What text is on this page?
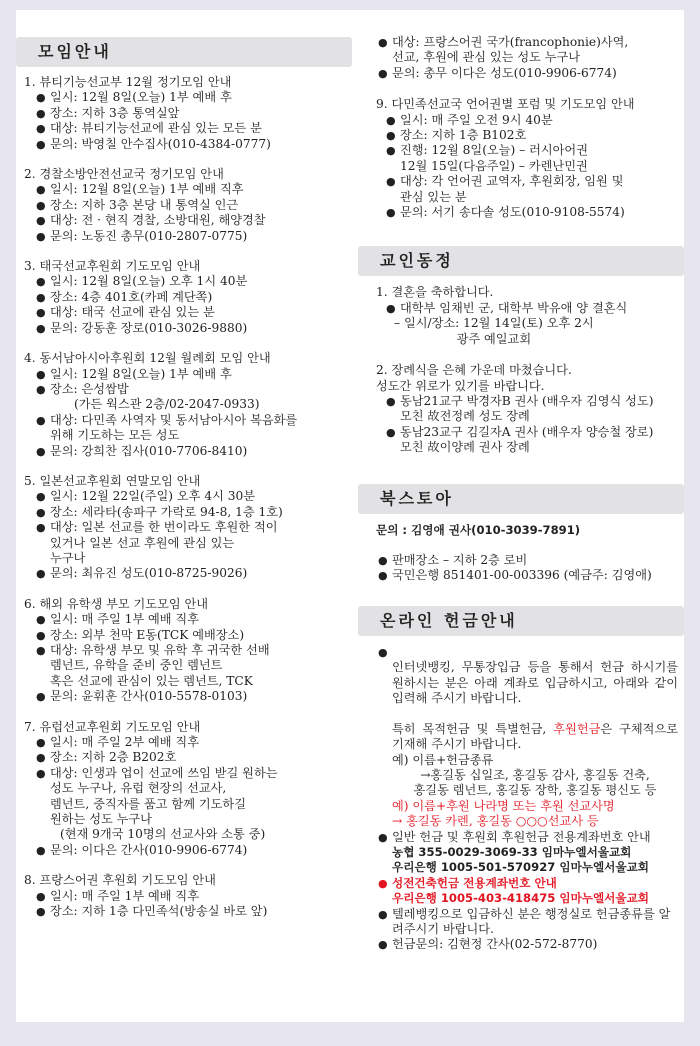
모임안내
1. 뷰티기능선교부 12월 정기모임 안내
● 일시: 12월 8일(오늘) 1부 예배 후
● 장소: 지하 3층 통역실앞
● 대상: 뷰티기능선교에 관심 있는 모든 분
● 문의: 박영칠 안수집사(010-4384-0777)
2. 경찰소방안전선교국 정기모임 안내
● 일시: 12월 8일(오늘) 1부 예배 직후
● 장소: 지하 3층 본당 내 통역실 인근
● 대상: 전 · 현직 경찰, 소방대원, 해양경찰
● 문의: 노동진 총무(010-2807-0775)
3. 태국선교후원회 기도모임 안내
● 일시: 12월 8일(오늘) 오후 1시 40분
● 장소: 4층 401호(카페 계단쪽)
● 대상: 태국 선교에 관심 있는 분
● 문의: 강동훈 장로(010-3026-9880)
4. 동서남아시아후원회 12월 월례회 모임 안내
● 일시: 12월 8일(오늘) 1부 예배 후
● 장소: 은성쌈밥
(가든 웍스관 2층/02-2047-0933)
● 대상: 다민족 사역자 및 동서남아시아 복음화를
위해 기도하는 모든 성도
● 문의: 강희찬 집사(010-7706-8410)
5. 일본선교후원회 연말모임 안내
● 일시: 12월 22일(주일) 오후 4시 30분
● 장소: 세라타(송파구 가락로 94-8, 1층 1호)
● 대상: 일본 선교를 한 번이라도 후원한 적이
있거나 일본 선교 후원에 관심 있는
누구나
● 문의: 최유진 성도(010-8725-9026)
6. 해외 유학생 부모 기도모임 안내
● 일시: 매 주일 1부 예배 직후
● 장소: 외부 천막 E동(TCK 예배장소)
● 대상: 유학생 부모 및 유학 후 귀국한 선배
렘넌트, 유학을 준비 중인 렘넌트
혹은 선교에 관심이 있는 렘넌트, TCK
● 문의: 윤휘훈 간사(010-5578-0103)
7. 유럽선교후원회 기도모임 안내
● 일시: 매 주일 2부 예배 직후
● 장소: 지하 2층 B202호
● 대상: 인생과 업이 선교에 쓰임 받길 원하는
성도 누구나, 유럽 현장의 선교사,
렘넌트, 중직자를 품고 함께 기도하길
원하는 성도 누구나
(현재 9개국 10명의 선교사와 소통 중)
● 문의: 이다은 간사(010-9906-6774)
8. 프랑스어권 후원회 기도모임 안내
● 일시: 매 주일 1부 예배 직후
● 장소: 지하 1층 다민족석(방송실 바로 앞)
● 대상: 프랑스어권 국가(francophonie)사역,
선교, 후원에 관심 있는 성도 누구나
● 문의: 총무 이다은 성도(010-9906-6774)
9. 다민족선교국 언어권별 포럼 및 기도모임 안내
● 일시: 매 주일 오전 9시 40분
● 장소: 지하 1층 B102호
● 진행: 12월 8일(오늘) – 러시아어권
12월 15일(다음주일) – 카렌난민권
● 대상: 각 언어권 교역자, 후원회장, 임원 및
관심 있는 분
● 문의: 서기 송다솔 성도(010-9108-5574)
교인동정
1. 결혼을 축하합니다.
● 대학부 임채빈 군, 대학부 박유애 양 결혼식
– 일시/장소: 12월 14일(토) 오후 2시
광주 예일교회
2. 장례식을 은혜 가운데 마쳤습니다.
성도간 위로가 있기를 바랍니다.
● 동남21교구 박경자B 권사 (배우자 김영식 성도)
모친 故전정례 성도 장례
● 동남23교구 김길자A 권사 (배우자 양승철 장로)
모친 故이양례 권사 장례
북스토아
문의 : 김영애 권사(010-3039-7891)
● 판매장소 – 지하 2층 로비
● 국민은행 851401-00-003396 (예금주: 김영애)
온라인 헌금안내
●

인터넷뱅킹, 무통장입금 등을 통해서 헌금 하시기를 원하시는 분은 아래 계좌로 입금하시고, 아래와 같이 입력해 주시기 바랍니다.

특히 목적헌금 및 특별헌금, 후원헌금은 구체적으로 기재해 주시기 바랍니다.

예) 이름+헌금종류
→홍길동 십일조, 홍길동 감사, 홍길동 건축,
홍길동 렘넌트, 홍길동 장학, 홍길동 평신도 등
예) 이름+후원 나라명 또는 후원 선교사명
→ 홍길동 카렌, 홍길동 ○○○선교사 등
● 일반 헌금 및 후원회 후원헌금 전용계좌번호 안내
농협 355-0029-3069-33 임마누엘서울교회
우리은행 1005-501-570927 임마누엘서울교회
● 성전건축헌금 전용계좌번호 안내
우리은행 1005-403-418475 임마누엘서울교회
● 텔레뱅킹으로 입금하신 분은 행정실로 헌금종류를 알려주시기 바랍니다.
● 헌금문의: 김현정 간사(02-572-8770)
